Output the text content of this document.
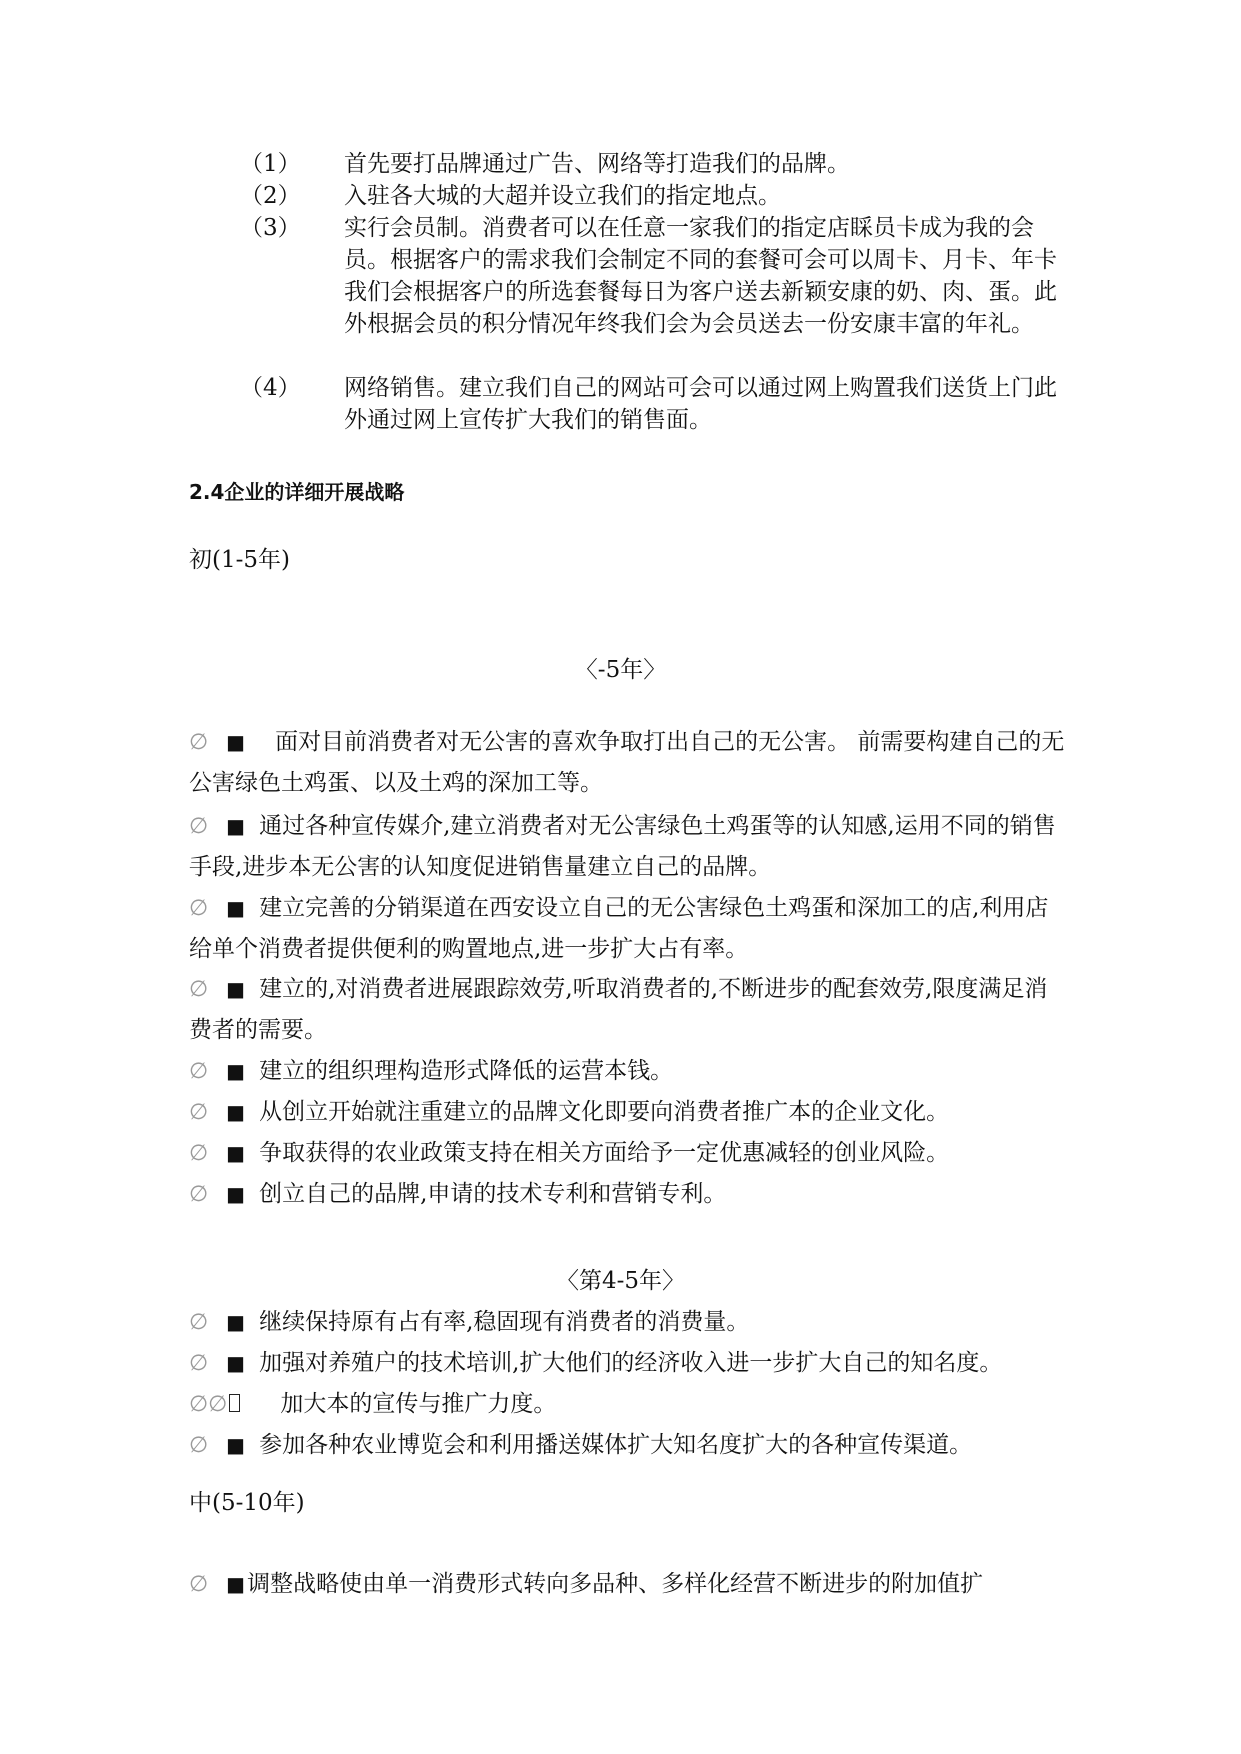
（1）	首先要打品牌通过广告、网络等打造我们的品牌。
（2）	入驻各大城的大超并设立我们的指定地点。
（3）	实行会员制。消费者可以在任意一家我们的指定店睬员卡成为我的会员。根据客户的需求我们会制定不同的套餐可会可以周卡、月卡、年卡我们会根据客户的所选套餐每日为客户送去新颖安康的奶、肉、蛋。此外根据会员的积分情况年终我们会为会员送去一份安康丰富的年礼。
（4）	网络销售。建立我们自己的网站可会可以通过网上购置我们送货上门此外通过网上宣传扩大我们的销售面。
2.4企业的详细开展战略
初(1-5年)
〈-5年〉
∅ ■ 面对目前消费者对无公害的喜欢争取打出自己的无公害。 前需要构建自己的无公害绿色土鸡蛋、以及土鸡的深加工等。
∅ ■ 通过各种宣传媒介,建立消费者对无公害绿色土鸡蛋等的认知感,运用不同的销售手段,进步本无公害的认知度促进销售量建立自己的品牌。
∅ ■ 建立完善的分销渠道在西安设立自己的无公害绿色土鸡蛋和深加工的店,利用店给单个消费者提供便利的购置地点,进一步扩大占有率。
∅ ■ 建立的,对消费者进展跟踪效劳,听取消费者的,不断进步的配套效劳,限度满足消费者的需要。
∅ ■ 建立的组织理构造形式降低的运营本钱。
∅ ■ 从创立开始就注重建立的品牌文化即要向消费者推广本的企业文化。
∅ ■ 争取获得的农业政策支持在相关方面给予一定优惠减轻的创业风险。
∅ ■ 创立自己的品牌,申请的技术专利和营销专利。
〈第4-5年〉
∅ ■ 继续保持原有占有率,稳固现有消费者的消费量。
∅ ■ 加强对养殖户的技术培训,扩大他们的经济收入进一步扩大自己的知名度。
∅∅ 加大本的宣传与推广力度。
∅ ■ 参加各种农业博览会和利用播送媒体扩大知名度扩大的各种宣传渠道。
中(5-10年)
∅ ■调整战略使由单一消费形式转向多品种、多样化经营不断进步的附加值扩
